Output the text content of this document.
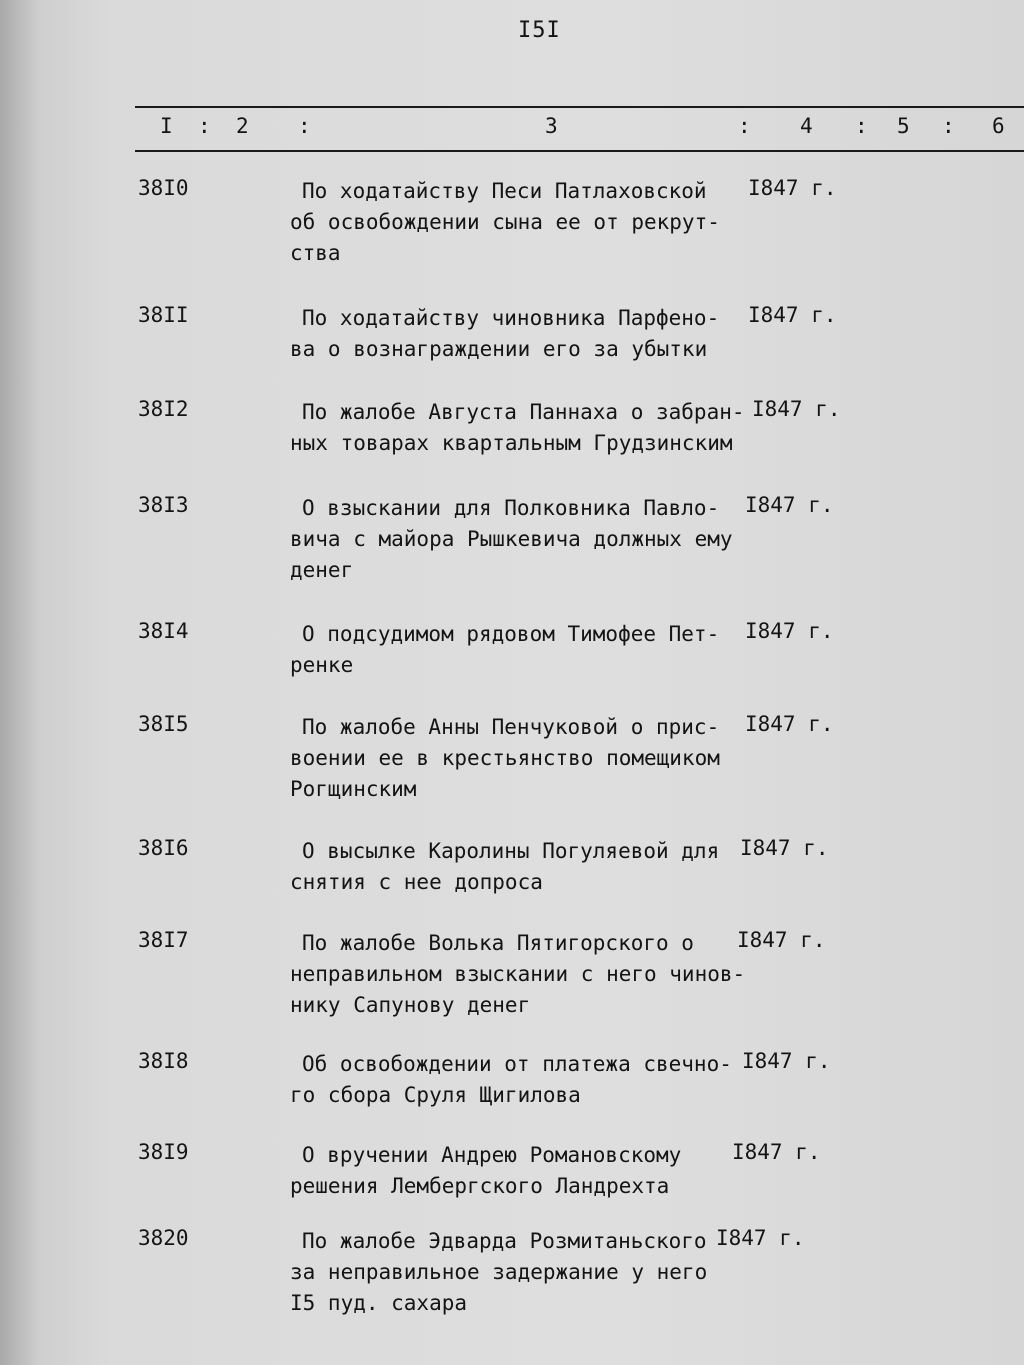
I5I
I : 2 :	3	: 4 : 5 : 6
38I0	По ходатайству Песи Патлаховской
об освобождении сына ее от рекрут-
ства
I847 г.
38II	По ходатайству чиновника Парфено-
ва о вознаграждении его за убытки
I847 г.
38I2	По жалобе Августа Паннаха о забран-
ных товарах квартальным Грудзинским
I847 г.
38I3	О взыскании для Полковника Павло-
вича с майора Рышкевича должных ему
денег
I847 г.
38I4	О подсудимом рядовом Тимофее Пет-
ренке
I847 г.
38I5	По жалобе Анны Пенчуковой о прис-
воении ее в крестьянство помещиком
Рогщинским
I847 г.
38I6	О высылке Каролины Погуляевой для
снятия с нее допроса
I847 г.
38I7	По жалобе Волька Пятигорского о
неправильном взыскании с него чинов-
нику Сапунову денег
I847 г.
38I8	Об освобождении от платежа свечно-
го сбора Сруля Щигилова
I847 г.
38I9	О вручении Андрею Романовскому
решения Лембергского Ландрехта
I847 г.
3820	По жалобе Эдварда Розмитаньского
за неправильное задержание у него
I5 пуд. сахара
I847 г.
